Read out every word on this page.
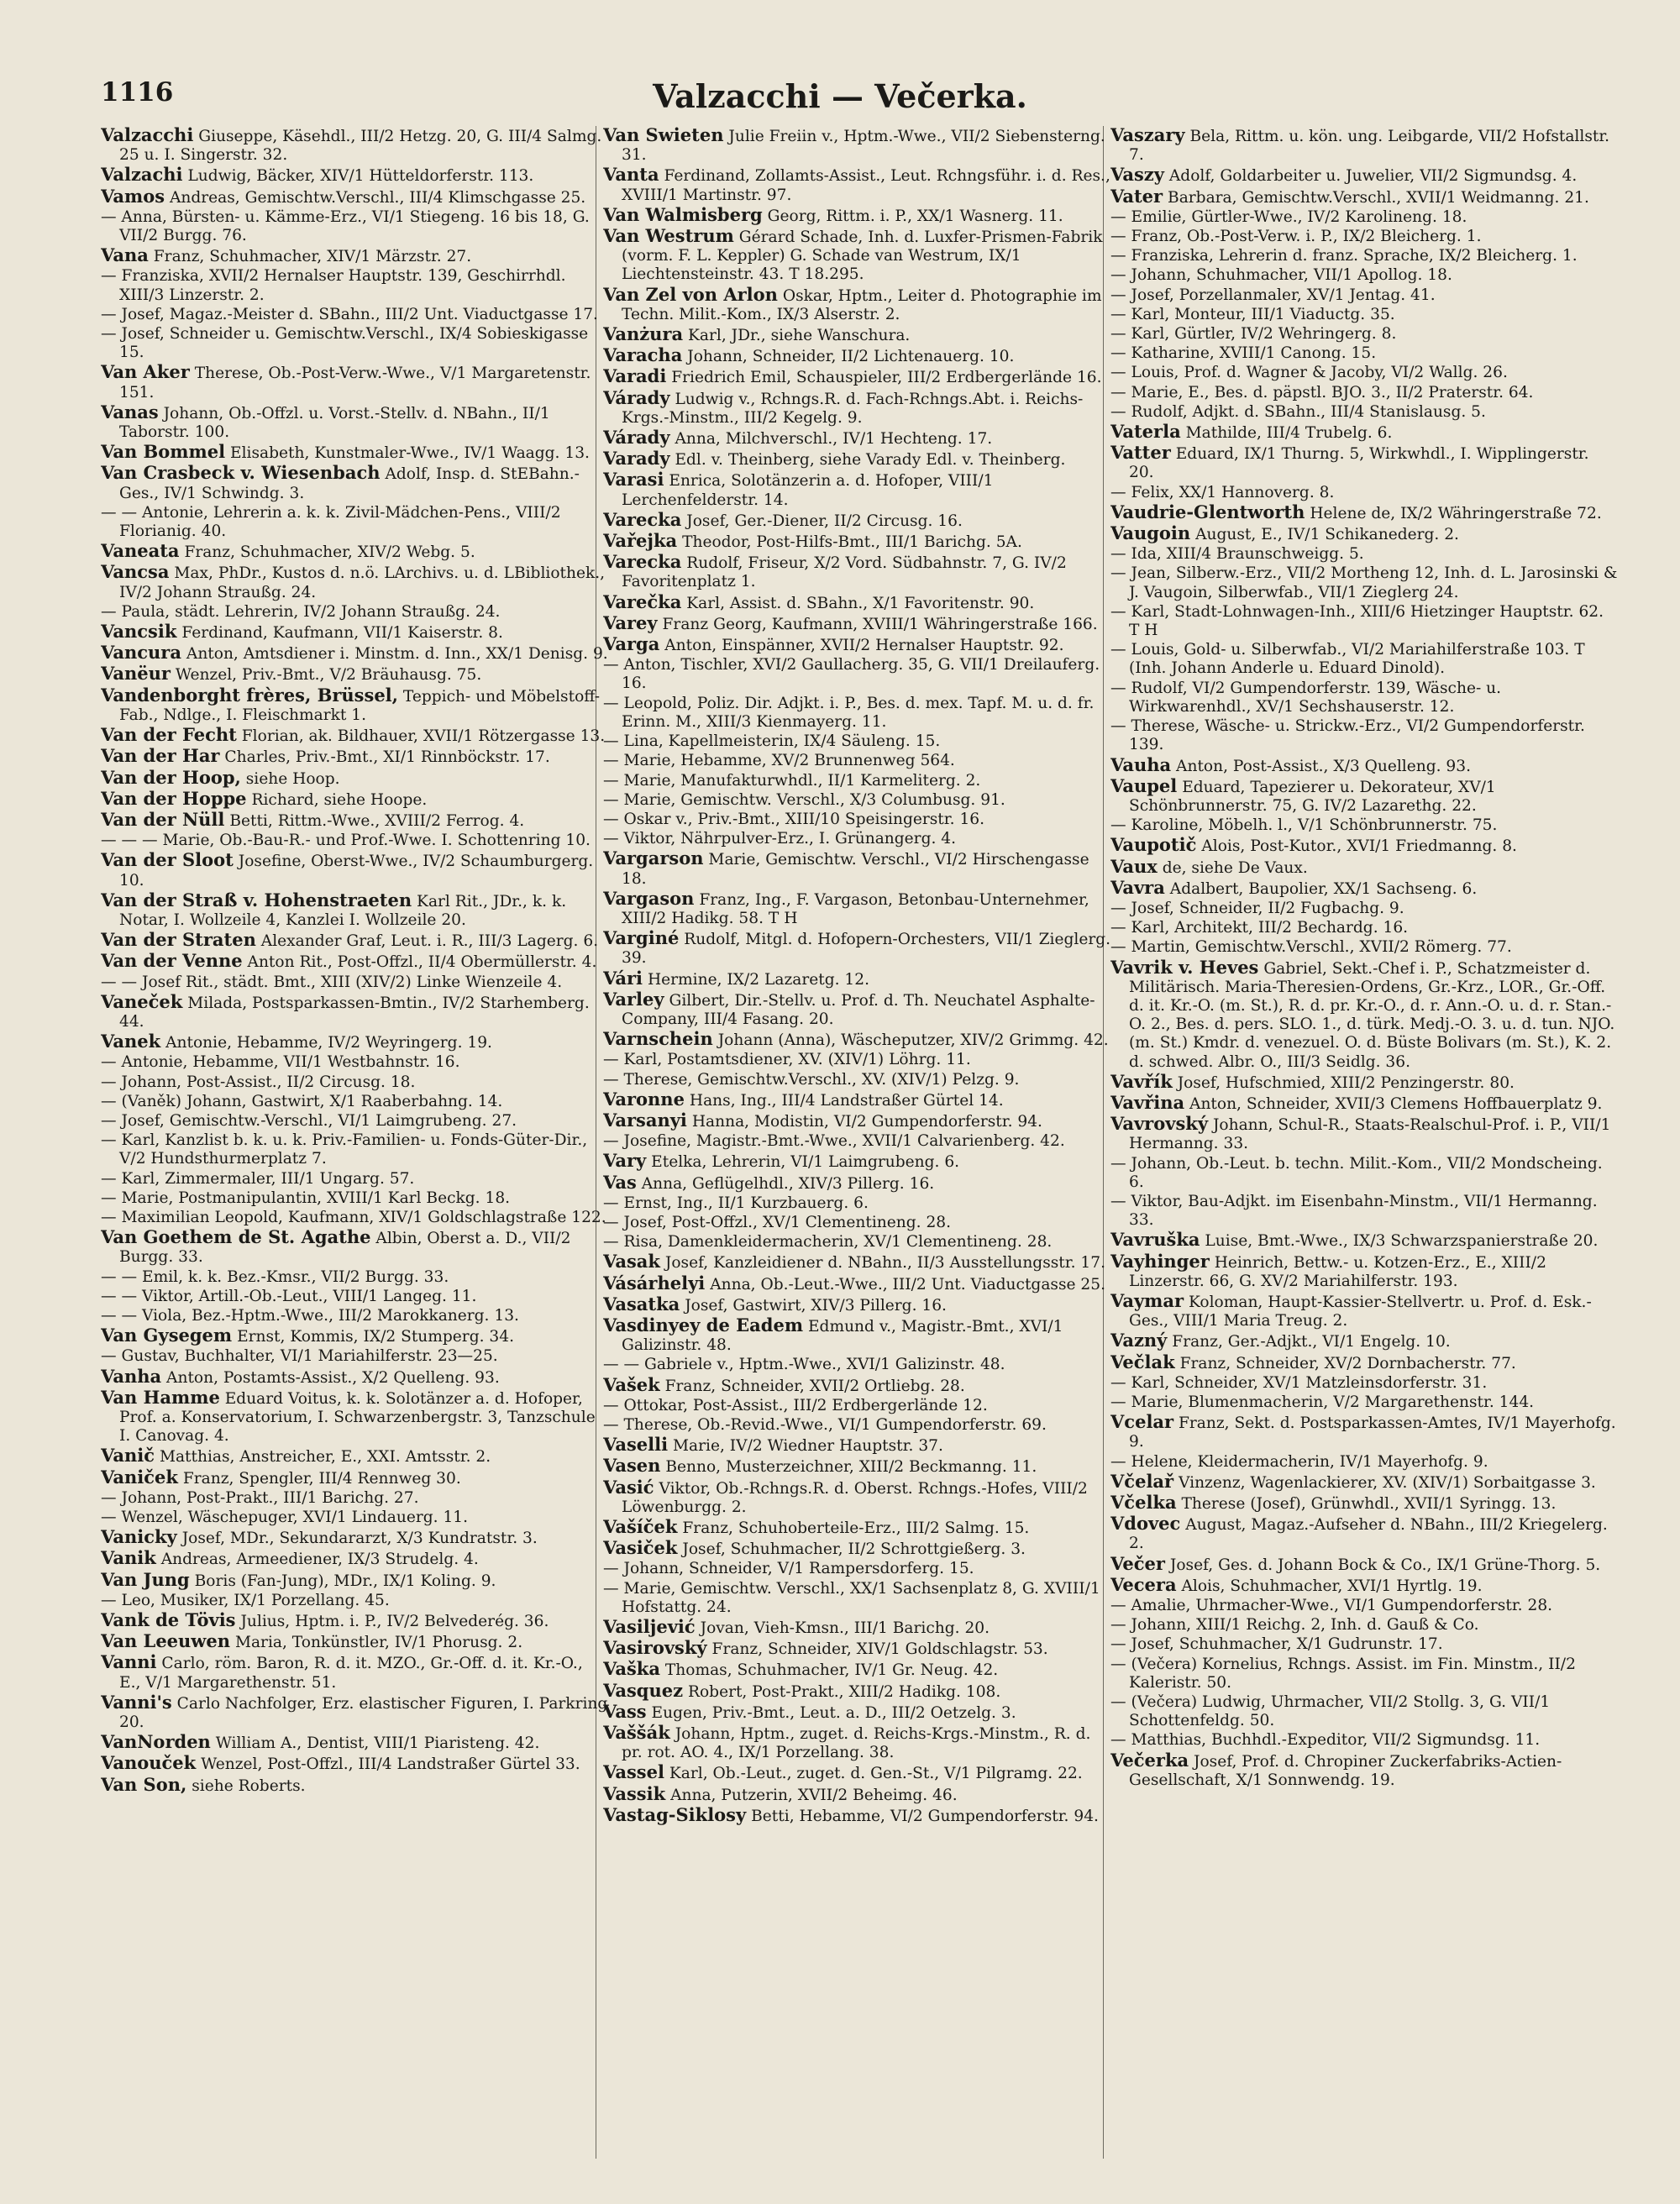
1116	Valzacchi — Večerka.

Valzacchi Giuseppe, Käsehdl., III/2 Hetzg. 20, G. III/4 Salmg. 25 u. I. Singerstr. 32.

Valzachi Ludwig, Bäcker, XIV/1 Hütteldorferstr. 113.

Vamos Andreas, Gemischtw.Verschl., III/4 Klimschgasse 25.

— Anna, Bürsten- u. Kämme-Erz., VI/1 Stiegeng. 16 bis 18, G. VII/2 Burgg. 76.

Vana Franz, Schuhmacher, XIV/1 Märzstr. 27.

— Franziska, XVII/2 Hernalser Hauptstr. 139, Geschirrhdl. XIII/3 Linzerstr. 2.

— Josef, Magaz.-Meister d. SBahn., III/2 Unt. Viaductgasse 17.

— Josef, Schneider u. Gemischtw.Verschl., IX/4 Sobieskigasse 15.

Van Aker Therese, Ob.-Post-Verw.-Wwe., V/1 Margaretenstr. 151.

Vanas Johann, Ob.-Offzl. u. Vorst.-Stellv. d. NBahn., II/1 Taborstr. 100.

Van Bommel Elisabeth, Kunstmaler-Wwe., IV/1 Waagg. 13.

Van Crasbeck v. Wiesenbach Adolf, Insp. d. StEBahn.-Ges., IV/1 Schwindg. 3.

— — Antonie, Lehrerin a. k. k. Zivil-Mädchen-Pens., VIII/2 Florianig. 40.

Vaneata Franz, Schuhmacher, XIV/2 Webg. 5.

Vancsa Max, PhDr., Kustos d. n.ö. LArchivs. u. d. LBibliothek., IV/2 Johann Straußg. 24.

— Paula, städt. Lehrerin, IV/2 Johann Straußg. 24.

Vancsik Ferdinand, Kaufmann, VII/1 Kaiserstr. 8.

Vancura Anton, Amtsdiener i. Minstm. d. Inn., XX/1 Denisg. 9.

Vanëur Wenzel, Priv.-Bmt., V/2 Bräuhausg. 75.

Vandenborght frères, Brüssel, Teppich- und Möbelstoff-Fab., Ndlge., I. Fleischmarkt 1.

Van der Fecht Florian, ak. Bildhauer, XVII/1 Rötzergasse 13.

Van der Har Charles, Priv.-Bmt., XI/1 Rinnböckstr. 17.

Van der Hoop, siehe Hoop.

Van der Hoppe Richard, siehe Hoope.

Van der Nüll Betti, Rittm.-Wwe., XVIII/2 Ferrog. 4.

— — — Marie, Ob.-Bau-R.- und Prof.-Wwe. I. Schottenring 10.

Van der Sloot Josefine, Oberst-Wwe., IV/2 Schaumburgerg. 10.

Van der Straß v. Hohenstraeten Karl Rit., JDr., k. k. Notar, I. Wollzeile 4, Kanzlei I. Wollzeile 20.

Van der Straten Alexander Graf, Leut. i. R., III/3 Lagerg. 6.

Van der Venne Anton Rit., Post-Offzl., II/4 Obermüllerstr. 4.

— — Josef Rit., städt. Bmt., XIII (XIV/2) Linke Wienzeile 4.

Vaneček Milada, Postsparkassen-Bmtin., IV/2 Starhemberg. 44.

Vanek Antonie, Hebamme, IV/2 Weyringerg. 19.

— Antonie, Hebamme, VII/1 Westbahnstr. 16.

— Johann, Post-Assist., II/2 Circusg. 18.

— (Vaněk) Johann, Gastwirt, X/1 Raaberbahng. 14.

— Josef, Gemischtw.-Verschl., VI/1 Laimgrubeng. 27.

— Karl, Kanzlist b. k. u. k. Priv.-Familien- u. Fonds-Güter-Dir., V/2 Hundsthurmerplatz 7.

— Karl, Zimmermaler, III/1 Ungarg. 57.

— Marie, Postmanipulantin, XVIII/1 Karl Beckg. 18.

— Maximilian Leopold, Kaufmann, XIV/1 Goldschlagstraße 122.

Van Goethem de St. Agathe Albin, Oberst a. D., VII/2 Burgg. 33.

— — Emil, k. k. Bez.-Kmsr., VII/2 Burgg. 33.

— — Viktor, Artill.-Ob.-Leut., VIII/1 Langeg. 11.

— — Viola, Bez.-Hptm.-Wwe., III/2 Marokkanerg. 13.

Van Gysegem Ernst, Kommis, IX/2 Stumperg. 34.

— Gustav, Buchhalter, VI/1 Mariahilferstr. 23—25.

Vanha Anton, Postamts-Assist., X/2 Quelleng. 93.

Van Hamme Eduard Voitus, k. k. Solotänzer a. d. Hofoper, Prof. a. Konservatorium, I. Schwarzenbergstr. 3, Tanzschule I. Canovag. 4.

Vanič Matthias, Anstreicher, E., XXI. Amtsstr. 2.

Vaniček Franz, Spengler, III/4 Rennweg 30.

— Johann, Post-Prakt., III/1 Barichg. 27.

— Wenzel, Wäschepuger, XVI/1 Lindauerg. 11.

Vanicky Josef, MDr., Sekundararzt, X/3 Kundratstr. 3.

Vanik Andreas, Armeediener, IX/3 Strudelg. 4.

Van Jung Boris (Fan-Jung), MDr., IX/1 Koling. 9.

— Leo, Musiker, IX/1 Porzellang. 45.

Vank de Tövis Julius, Hptm. i. P., IV/2 Belvederég. 36.

Van Leeuwen Maria, Tonkünstler, IV/1 Phorusg. 2.

Vanni Carlo, röm. Baron, R. d. it. MZO., Gr.-Off. d. it. Kr.-O., E., V/1 Margarethenstr. 51.

Vanni's Carlo Nachfolger, Erz. elastischer Figuren, I. Parkring 20.

VanNorden William A., Dentist, VIII/1 Piaristeng. 42.

Vanouček Wenzel, Post-Offzl., III/4 Landstraßer Gürtel 33.

Van Son, siehe Roberts.

Van Swieten Julie Freiin v., Hptm.-Wwe., VII/2 Siebensterng. 31.

Vanta Ferdinand, Zollamts-Assist., Leut. Rchngsführ. i. d. Res., XVIII/1 Martinstr. 97.

Van Walmisberg Georg, Rittm. i. P., XX/1 Wasnerg. 11.

Van Westrum Gérard Schade, Inh. d. Luxfer-Prismen-Fabrik (vorm. F. L. Keppler) G. Schade van Westrum, IX/1 Liechtensteinstr. 43. T 18.295.

Van Zel von Arlon Oskar, Hptm., Leiter d. Photographie im Techn. Milit.-Kom., IX/3 Alserstr. 2.

Vanżura Karl, JDr., siehe Wanschura.

Varacha Johann, Schneider, II/2 Lichtenauerg. 10.

Varadi Friedrich Emil, Schauspieler, III/2 Erdbergerlände 16.

Várady Ludwig v., Rchngs.R. d. Fach-Rchngs.Abt. i. Reichs-Krgs.-Minstm., III/2 Kegelg. 9.

Várady Anna, Milchverschl., IV/1 Hechteng. 17.

Varady Edl. v. Theinberg, siehe Varady Edl. v. Theinberg.

Varasi Enrica, Solotänzerin a. d. Hofoper, VIII/1 Lerchenfelderstr. 14.

Varecka Josef, Ger.-Diener, II/2 Circusg. 16.

Vařejka Theodor, Post-Hilfs-Bmt., III/1 Barichg. 5A.

Varecka Rudolf, Friseur, X/2 Vord. Südbahnstr. 7, G. IV/2 Favoritenplatz 1.

Varečka Karl, Assist. d. SBahn., X/1 Favoritenstr. 90.

Varey Franz Georg, Kaufmann, XVIII/1 Währingerstraße 166.

Varga Anton, Einspänner, XVII/2 Hernalser Hauptstr. 92.

— Anton, Tischler, XVI/2 Gaullacherg. 35, G. VII/1 Dreilauferg. 16.

— Leopold, Poliz. Dir. Adjkt. i. P., Bes. d. mex. Tapf. M. u. d. fr. Erinn. M., XIII/3 Kienmayerg. 11.

— Lina, Kapellmeisterin, IX/4 Säuleng. 15.

— Marie, Hebamme, XV/2 Brunnenweg 564.

— Marie, Manufakturwhdl., II/1 Karmeliterg. 2.

— Marie, Gemischtw. Verschl., X/3 Columbusg. 91.

— Oskar v., Priv.-Bmt., XIII/10 Speisingerstr. 16.

— Viktor, Nährpulver-Erz., I. Grünangerg. 4.

Vargarson Marie, Gemischtw. Verschl., VI/2 Hirschengasse 18.

Vargason Franz, Ing., F. Vargason, Betonbau-Unternehmer, XIII/2 Hadikg. 58. T H

Varginé Rudolf, Mitgl. d. Hofopern-Orchesters, VII/1 Zieglerg. 39.

Vári Hermine, IX/2 Lazaretg. 12.

Varley Gilbert, Dir.-Stellv. u. Prof. d. Th. Neuchatel Asphalte-Company, III/4 Fasang. 20.

Varnschein Johann (Anna), Wäscheputzer, XIV/2 Grimmg. 42.

— Karl, Postamtsdiener, XV. (XIV/1) Löhrg. 11.

— Therese, Gemischtw.Verschl., XV. (XIV/1) Pelzg. 9.

Varonne Hans, Ing., III/4 Landstraßer Gürtel 14.

Varsanyi Hanna, Modistin, VI/2 Gumpendorferstr. 94.

— Josefine, Magistr.-Bmt.-Wwe., XVII/1 Calvarienberg. 42.

Vary Etelka, Lehrerin, VI/1 Laimgrubeng. 6.

Vas Anna, Geflügelhdl., XIV/3 Pillerg. 16.

— Ernst, Ing., II/1 Kurzbauerg. 6.

— Josef, Post-Offzl., XV/1 Clementineng. 28.

— Risa, Damenkleidermacherin, XV/1 Clementineng. 28.

Vasak Josef, Kanzleidiener d. NBahn., II/3 Ausstellungsstr. 17.

Vásárhelyi Anna, Ob.-Leut.-Wwe., III/2 Unt. Viaductgasse 25.

Vasatka Josef, Gastwirt, XIV/3 Pillerg. 16.

Vasdinyey de Eadem Edmund v., Magistr.-Bmt., XVI/1 Galizinstr. 48.

— — Gabriele v., Hptm.-Wwe., XVI/1 Galizinstr. 48.

Vašek Franz, Schneider, XVII/2 Ortliebg. 28.

— Ottokar, Post-Assist., III/2 Erdbergerlände 12.

— Therese, Ob.-Revid.-Wwe., VI/1 Gumpendorferstr. 69.

Vaselli Marie, IV/2 Wiedner Hauptstr. 37.

Vasen Benno, Musterzeichner, XIII/2 Beckmanng. 11.

Vasić Viktor, Ob.-Rchngs.R. d. Oberst. Rchngs.-Hofes, VIII/2 Löwenburgg. 2.

Vašíček Franz, Schuhoberteile-Erz., III/2 Salmg. 15.

Vasiček Josef, Schuhmacher, II/2 Schrottgießerg. 3.

— Johann, Schneider, V/1 Rampersdorferg. 15.

— Marie, Gemischtw. Verschl., XX/1 Sachsenplatz 8, G. XVIII/1 Hofstattg. 24.

Vasiljević Jovan, Vieh-Kmsn., III/1 Barichg. 20.

Vasirovský Franz, Schneider, XIV/1 Goldschlagstr. 53.

Vaška Thomas, Schuhmacher, IV/1 Gr. Neug. 42.

Vasquez Robert, Post-Prakt., XIII/2 Hadikg. 108.

Vass Eugen, Priv.-Bmt., Leut. a. D., III/2 Oetzelg. 3.

Vaššák Johann, Hptm., zuget. d. Reichs-Krgs.-Minstm., R. d. pr. rot. AO. 4., IX/1 Porzellang. 38.

Vassel Karl, Ob.-Leut., zuget. d. Gen.-St., V/1 Pilgramg. 22.

Vassik Anna, Putzerin, XVII/2 Beheimg. 46.

Vastag-Siklosy Betti, Hebamme, VI/2 Gumpendorferstr. 94.

Vaszary Bela, Rittm. u. kön. ung. Leibgarde, VII/2 Hofstallstr. 7.

Vaszy Adolf, Goldarbeiter u. Juwelier, VII/2 Sigmundsg. 4.

Vater Barbara, Gemischtw.Verschl., XVII/1 Weidmanng. 21.

— Emilie, Gürtler-Wwe., IV/2 Karolineng. 18.

— Franz, Ob.-Post-Verw. i. P., IX/2 Bleicherg. 1.

— Franziska, Lehrerin d. franz. Sprache, IX/2 Bleicherg. 1.

— Johann, Schuhmacher, VII/1 Apollog. 18.

— Josef, Porzellanmaler, XV/1 Jentag. 41.

— Karl, Monteur, III/1 Viaductg. 35.

— Karl, Gürtler, IV/2 Wehringerg. 8.

— Katharine, XVIII/1 Canong. 15.

— Louis, Prof. d. Wagner & Jacoby, VI/2 Wallg. 26.

— Marie, E., Bes. d. päpstl. BJO. 3., II/2 Praterstr. 64.

— Rudolf, Adjkt. d. SBahn., III/4 Stanislausg. 5.

Vaterla Mathilde, III/4 Trubelg. 6.

Vatter Eduard, IX/1 Thurng. 5, Wirkwhdl., I. Wipplingerstr. 20.

— Felix, XX/1 Hannoverg. 8.

Vaudrie-Glentworth Helene de, IX/2 Währingerstraße 72.

Vaugoin August, E., IV/1 Schikanederg. 2.

— Ida, XIII/4 Braunschweigg. 5.

— Jean, Silberw.-Erz., VII/2 Mortheng 12, Inh. d. L. Jarosinski & J. Vaugoin, Silberwfab., VII/1 Zieglerg 24.

— Karl, Stadt-Lohnwagen-Inh., XIII/6 Hietzinger Hauptstr. 62. T H

— Louis, Gold- u. Silberwfab., VI/2 Mariahilferstraße 103. T (Inh. Johann Anderle u. Eduard Dinold).

— Rudolf, VI/2 Gumpendorferstr. 139, Wäsche- u. Wirkwarenhdl., XV/1 Sechshauserstr. 12.

— Therese, Wäsche- u. Strickw.-Erz., VI/2 Gumpendorferstr. 139.

Vauha Anton, Post-Assist., X/3 Quelleng. 93.

Vaupel Eduard, Tapezierer u. Dekorateur, XV/1 Schönbrunnerstr. 75, G. IV/2 Lazarethg. 22.

— Karoline, Möbelh. l., V/1 Schönbrunnerstr. 75.

Vaupotič Alois, Post-Kutor., XVI/1 Friedmanng. 8.

Vaux de, siehe De Vaux.

Vavra Adalbert, Baupolier, XX/1 Sachseng. 6.

— Josef, Schneider, II/2 Fugbachg. 9.

— Karl, Architekt, III/2 Bechardg. 16.

— Martin, Gemischtw.Verschl., XVII/2 Römerg. 77.

Vavrik v. Heves Gabriel, Sekt.-Chef i. P., Schatzmeister d. Militärisch. Maria-Theresien-Ordens, Gr.-Krz., LOR., Gr.-Off. d. it. Kr.-O. (m. St.), R. d. pr. Kr.-O., d. r. Ann.-O. u. d. r. Stan.-O. 2., Bes. d. pers. SLO. 1., d. türk. Medj.-O. 3. u. d. tun. NJO. (m. St.) Kmdr. d. venezuel. O. d. Büste Bolivars (m. St.), K. 2. d. schwed. Albr. O., III/3 Seidlg. 36.

Vavřík Josef, Hufschmied, XIII/2 Penzingerstr. 80.

Vavřina Anton, Schneider, XVII/3 Clemens Hoffbauerplatz 9.

Vavrovský Johann, Schul-R., Staats-Realschul-Prof. i. P., VII/1 Hermanng. 33.

— Johann, Ob.-Leut. b. techn. Milit.-Kom., VII/2 Mondscheing. 6.

— Viktor, Bau-Adjkt. im Eisenbahn-Minstm., VII/1 Hermanng. 33.

Vavruška Luise, Bmt.-Wwe., IX/3 Schwarzspanierstraße 20.

Vayhinger Heinrich, Bettw.- u. Kotzen-Erz., E., XIII/2 Linzerstr. 66, G. XV/2 Mariahilferstr. 193.

Vaymar Koloman, Haupt-Kassier-Stellvertr. u. Prof. d. Esk.-Ges., VIII/1 Maria Treug. 2.

Vazný Franz, Ger.-Adjkt., VI/1 Engelg. 10.

Večlak Franz, Schneider, XV/2 Dornbacherstr. 77.

— Karl, Schneider, XV/1 Matzleinsdorferstr. 31.

— Marie, Blumenmacherin, V/2 Margarethenstr. 144.

Vcelar Franz, Sekt. d. Postsparkassen-Amtes, IV/1 Mayerhofg. 9.

— Helene, Kleidermacherin, IV/1 Mayerhofg. 9.

Včelař Vinzenz, Wagenlackierer, XV. (XIV/1) Sorbaitgasse 3.

Včelka Therese (Josef), Grünwhdl., XVII/1 Syringg. 13.

Vdovec August, Magaz.-Aufseher d. NBahn., III/2 Kriegelerg. 2.

Večer Josef, Ges. d. Johann Bock & Co., IX/1 Grüne-Thorg. 5.

Vecera Alois, Schuhmacher, XVI/1 Hyrtlg. 19.

— Amalie, Uhrmacher-Wwe., VI/1 Gumpendorferstr. 28.

— Johann, XIII/1 Reichg. 2, Inh. d. Gauß & Co.

— Josef, Schuhmacher, X/1 Gudrunstr. 17.

— (Večera) Kornelius, Rchngs. Assist. im Fin. Minstm., II/2 Kaleristr. 50.

— (Večera) Ludwig, Uhrmacher, VII/2 Stollg. 3, G. VII/1 Schottenfeldg. 50.

— Matthias, Buchhdl.-Expeditor, VII/2 Sigmundsg. 11.

Večerka Josef, Prof. d. Chropiner Zuckerfabriks-Actien-Gesellschaft, X/1 Sonnwendg. 19.
